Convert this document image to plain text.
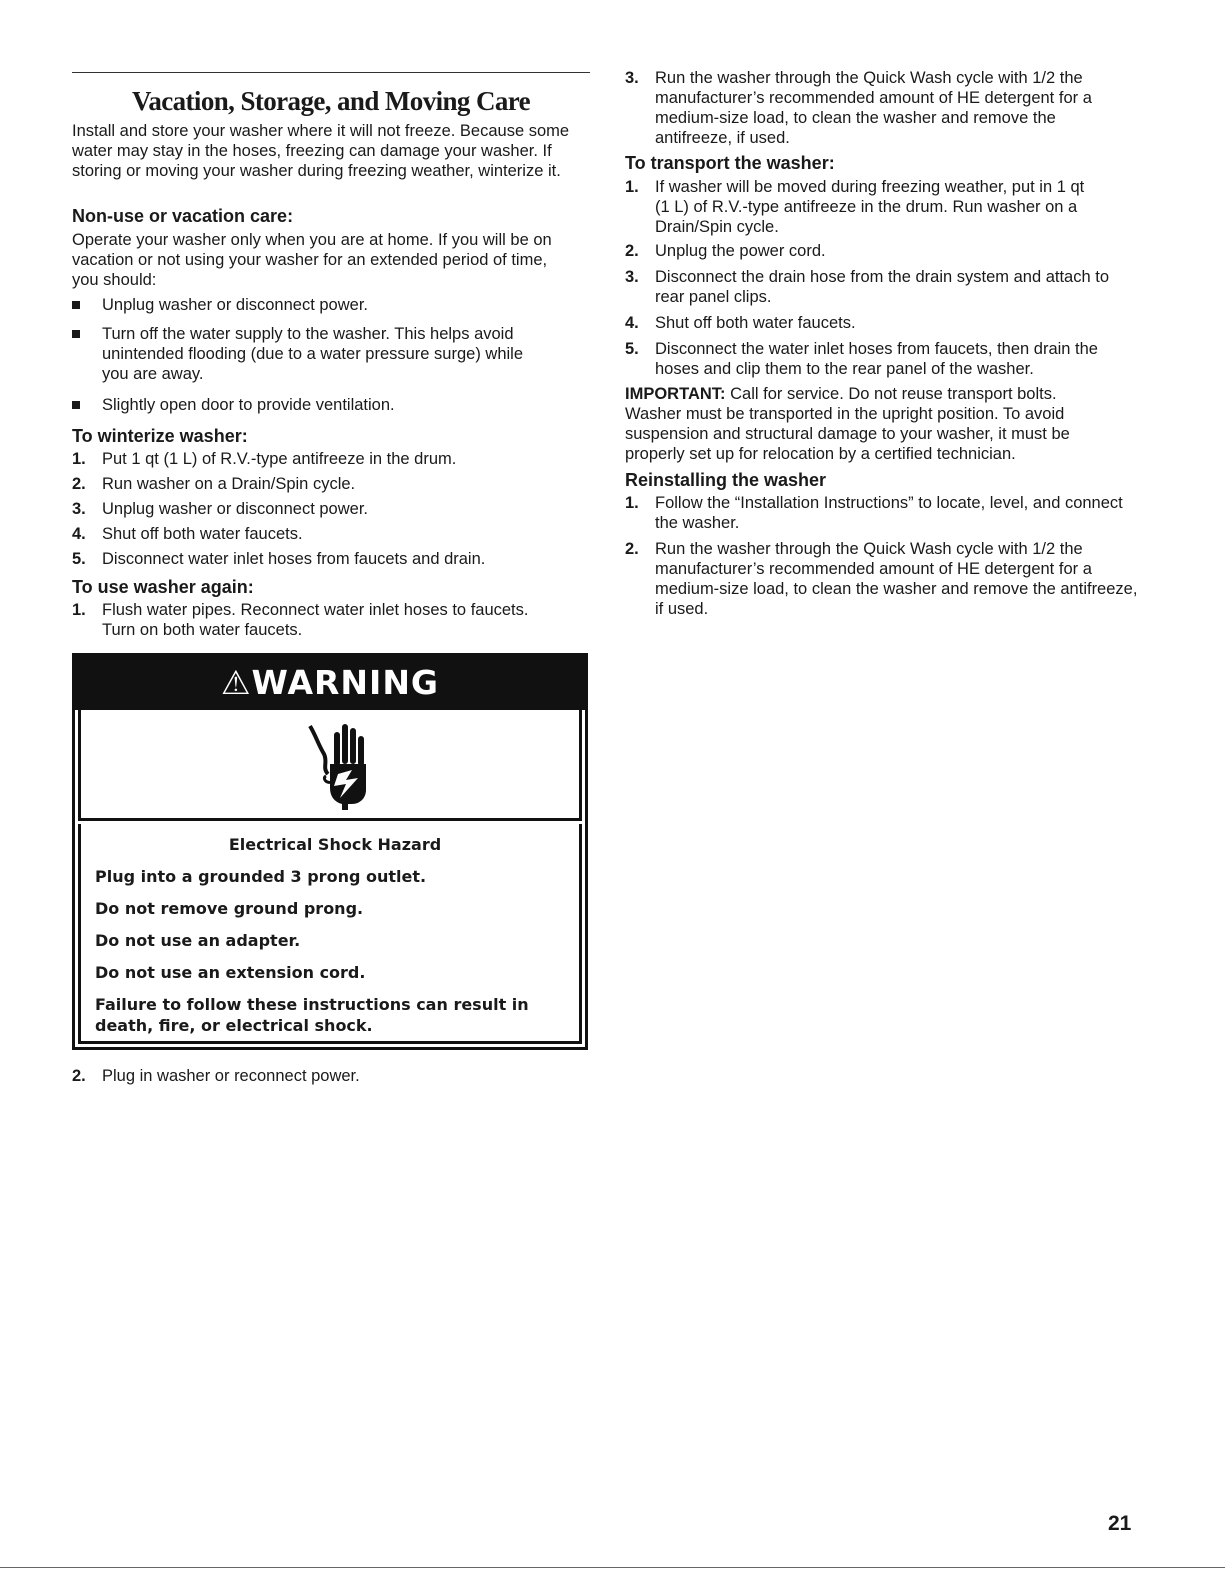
Vacation, Storage, and Moving Care

Install and store your washer where it will not freeze. Because some water may stay in the hoses, freezing can damage your washer. If storing or moving your washer during freezing weather, winterize it.

Non-use or vacation care:

Operate your washer only when you are at home. If you will be on vacation or not using your washer for an extended period of time, you should:

Unplug washer or disconnect power.
Turn off the water supply to the washer. This helps avoid unintended flooding (due to a water pressure surge) while you are away.
Slightly open door to provide ventilation.
To winterize washer:
1. Put 1 qt (1 L) of R.V.-type antifreeze in the drum.
2. Run washer on a Drain/Spin cycle.
3. Unplug washer or disconnect power.
4. Shut off both water faucets.
5. Disconnect water inlet hoses from faucets and drain.
To use washer again:
1. Flush water pipes. Reconnect water inlet hoses to faucets. Turn on both water faucets.
⚠WARNING
Electrical Shock Hazard
Plug into a grounded 3 prong outlet.
Do not remove ground prong.
Do not use an adapter.
Do not use an extension cord.
Failure to follow these instructions can result in death, fire, or electrical shock.
2. Plug in washer or reconnect power.
3. Run the washer through the Quick Wash cycle with 1/2 the manufacturer’s recommended amount of HE detergent for a medium-size load, to clean the washer and remove the antifreeze, if used.
To transport the washer:
1. If washer will be moved during freezing weather, put in 1 qt (1 L) of R.V.-type antifreeze in the drum. Run washer on a Drain/Spin cycle.
2. Unplug the power cord.
3. Disconnect the drain hose from the drain system and attach to rear panel clips.
4. Shut off both water faucets.
5. Disconnect the water inlet hoses from faucets, then drain the hoses and clip them to the rear panel of the washer.

IMPORTANT: Call for service. Do not reuse transport bolts. Washer must be transported in the upright position. To avoid suspension and structural damage to your washer, it must be properly set up for relocation by a certified technician.

Reinstalling the washer
1. Follow the “Installation Instructions” to locate, level, and connect the washer.
2. Run the washer through the Quick Wash cycle with 1/2 the manufacturer’s recommended amount of HE detergent for a medium-size load, to clean the washer and remove the antifreeze, if used.
21
